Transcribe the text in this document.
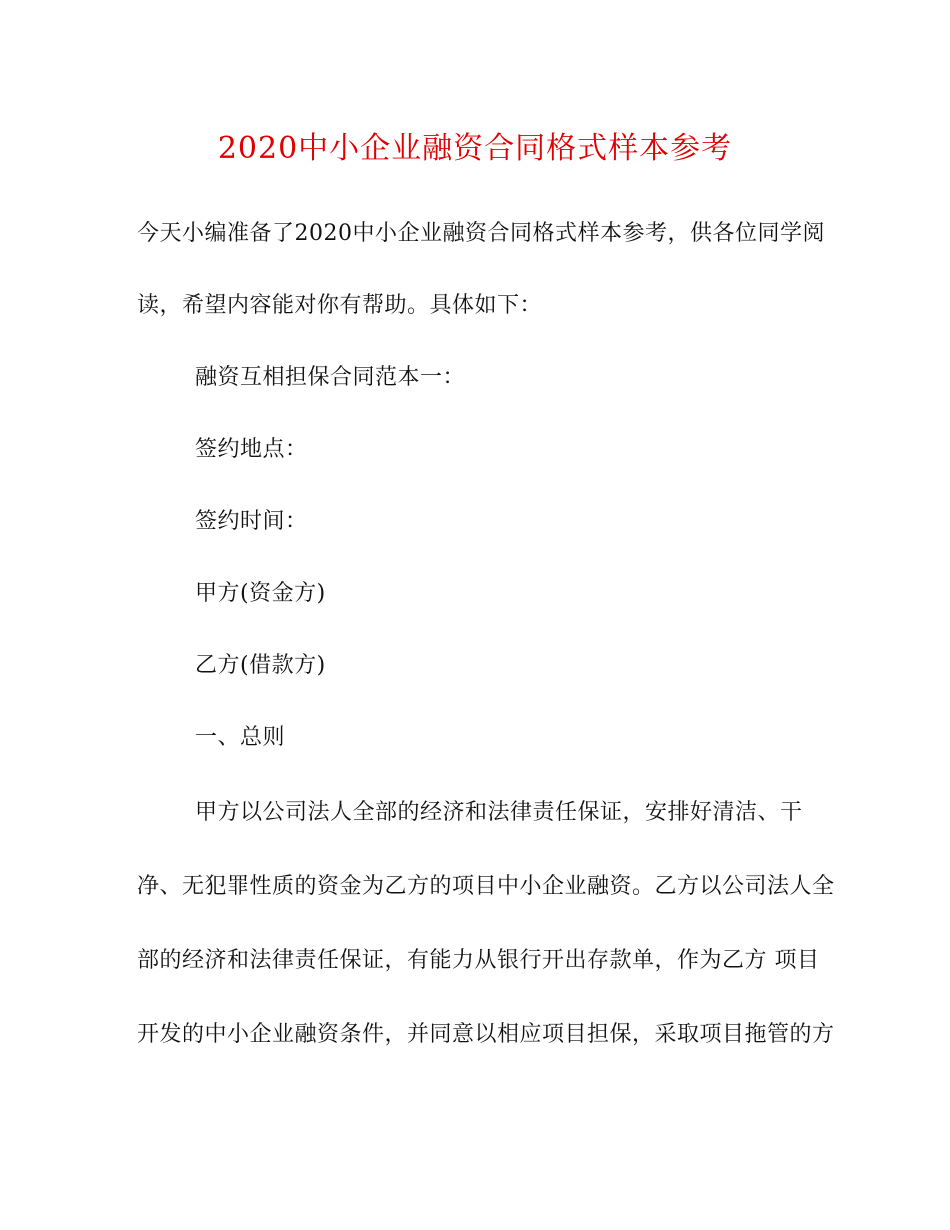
2020中小企业融资合同格式样本参考
今天小编准备了2020中小企业融资合同格式样本参考，供各位同学阅
读，希望内容能对你有帮助。具体如下：
融资互相担保合同范本一：
签约地点：
签约时间：
甲方(资金方)
乙方(借款方)
一、总则
甲方以公司法人全部的经济和法律责任保证，安排好清洁、干
净、无犯罪性质的资金为乙方的项目中小企业融资。乙方以公司法人全
部的经济和法律责任保证，有能力从银行开出存款单，作为乙方 项目
开发的中小企业融资条件，并同意以相应项目担保，采取项目拖管的方
